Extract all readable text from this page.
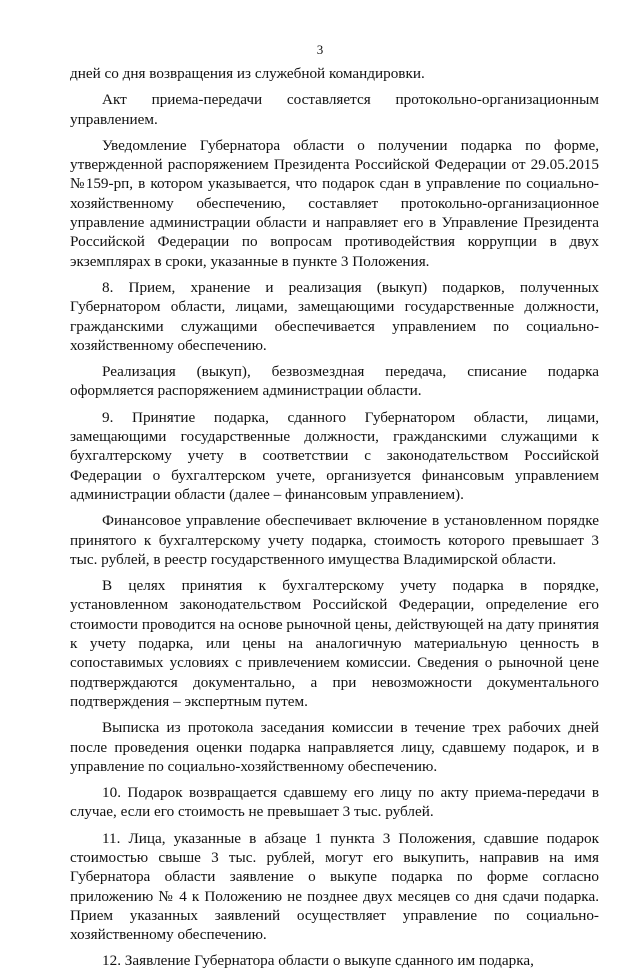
3

дней со дня возвращения из служебной командировки.

Акт приема-передачи составляется протокольно-организационным управлением.

Уведомление Губернатора области о получении подарка по форме, утвержденной распоряжением Президента Российской Федерации от 29.05.2015 №159-рп, в котором указывается, что подарок сдан в управление по социально-хозяйственному обеспечению, составляет протокольно-организационное управление администрации области и направляет его в Управление Президента Российской Федерации по вопросам противодействия коррупции в двух экземплярах в сроки, указанные в пункте 3 Положения.

8. Прием, хранение и реализация (выкуп) подарков, полученных Губернатором области, лицами, замещающими государственные должности, гражданскими служащими обеспечивается управлением по социально-хозяйственному обеспечению.

Реализация (выкуп), безвозмездная передача, списание подарка оформляется распоряжением администрации области.

9. Принятие подарка, сданного Губернатором области, лицами, замещающими государственные должности, гражданскими служащими к бухгалтерскому учету в соответствии с законодательством Российской Федерации о бухгалтерском учете, организуется финансовым управлением администрации области (далее – финансовым управлением).

Финансовое управление обеспечивает включение в установленном порядке принятого к бухгалтерскому учету подарка, стоимость которого превышает 3 тыс. рублей, в реестр государственного имущества Владимирской области.

В целях принятия к бухгалтерскому учету подарка в порядке, установленном законодательством Российской Федерации, определение его стоимости проводится на основе рыночной цены, действующей на дату принятия к учету подарка, или цены на аналогичную материальную ценность в сопоставимых условиях с привлечением комиссии. Сведения о рыночной цене подтверждаются документально, а при невозможности документального подтверждения – экспертным путем.

Выписка из протокола заседания комиссии в течение трех рабочих дней после проведения оценки подарка направляется лицу, сдавшему подарок, и в управление по социально-хозяйственному обеспечению.

10. Подарок возвращается сдавшему его лицу по акту приема-передачи в случае, если его стоимость не превышает 3 тыс. рублей.

11. Лица, указанные в абзаце 1 пункта 3 Положения, сдавшие подарок стоимостью свыше 3 тыс. рублей, могут его выкупить, направив на имя Губернатора области заявление о выкупе подарка по форме согласно приложению № 4 к Положению не позднее двух месяцев со дня сдачи подарка. Прием указанных заявлений осуществляет управление по социально-хозяйственному обеспечению.

12. Заявление Губернатора области о выкупе сданного им подарка,
